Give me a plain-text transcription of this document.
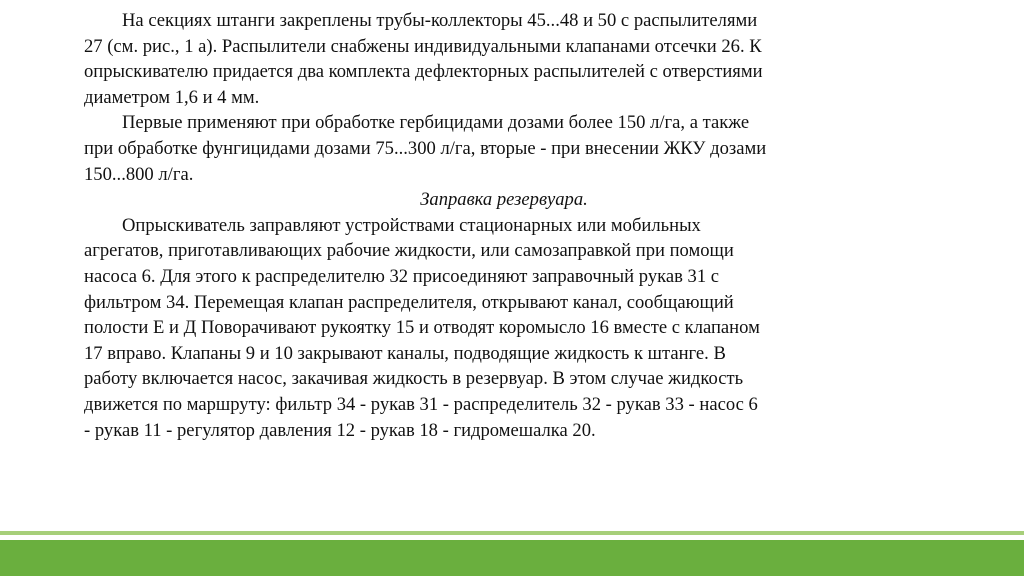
На секциях штанги закреплены трубы-коллекторы 45...48 и 50 с распылителями
27 (см. рис., 1 а). Распылители снабжены индивидуальными клапанами отсечки 26. К
опрыскивателю придается два комплекта дефлекторных распылителей с отверстиями
диаметром 1,6 и 4 мм.
Первые применяют при обработке гербицидами дозами более 150 л/га, а также
при обработке фунгицидами дозами 75...300 л/га, вторые - при внесении ЖКУ дозами
150...800 л/га.
Заправка резервуара.
Опрыскиватель заправляют устройствами стационарных или мобильных
агрегатов, приготавливающих рабочие жидкости, или самозаправкой при помощи
насоса 6. Для этого к распределителю 32 присоединяют заправочный рукав 31 с
фильтром 34. Перемещая клапан распределителя, открывают канал, сообщающий
полости Е и Д Поворачивают рукоятку 15 и отводят коромысло 16 вместе с клапаном
17 вправо. Клапаны 9 и 10 закрывают каналы, подводящие жидкость к штанге. В
работу включается насос, закачивая жидкость в резервуар. В этом случае жидкость
движется по маршруту: фильтр 34 - рукав 31 - распределитель 32 - рукав 33 - насос 6
- рукав 11 - регулятор давления 12 - рукав 18 - гидромешалка 20.
